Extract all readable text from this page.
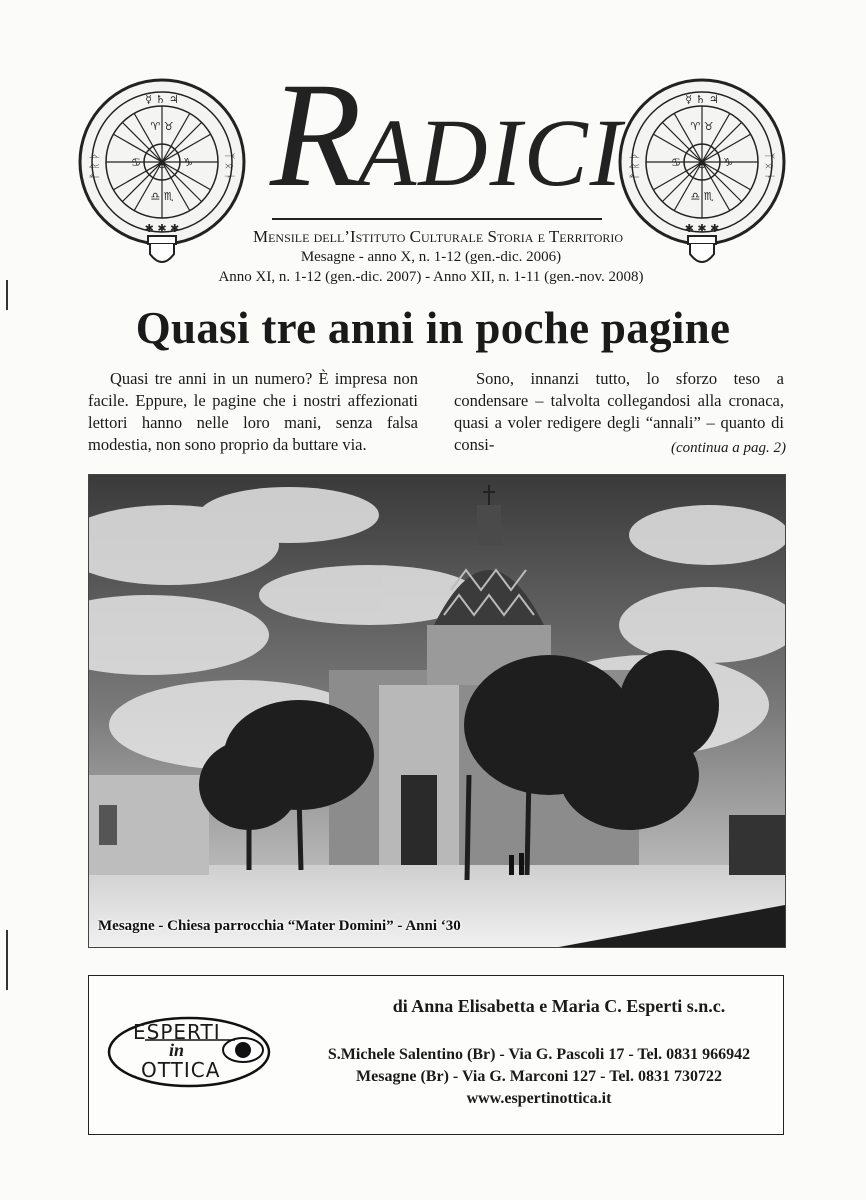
☿ ♄ ♃
✱ ✱ ✱
ᚠ ᚱ ᚦ	ᛉ ᛟ ᚾ
♈ ♉
♎ ♏
♋	♑
⊕
☿ ♄ ♃
✱ ✱ ✱
ᚠ ᚱ ᚦ	ᛉ ᛟ ᚾ
♈ ♉
♎ ♏
♋	♑
⊕
RADICI
Mensile dell’Istituto Culturale Storia e Territorio
Mesagne - anno X, n. 1-12 (gen.-dic. 2006)
Anno XI, n. 1-12 (gen.-dic. 2007) - Anno XII, n. 1-11 (gen.-nov. 2008)
Quasi tre anni in poche pagine

Quasi tre anni in un numero? È impresa non facile. Eppure, le pagine che i nostri affezionati lettori hanno nelle loro mani, senza falsa modestia, non sono proprio da buttare via.

Sono, innanzi tutto, lo sforzo teso a condensare – talvolta collegandosi alla cronaca, quasi a voler redigere degli “annali” – quanto di consi-	(continua a pag. 2)
Mesagne - Chiesa parrocchia “Mater Domini” - Anni ‘30
ESPERTI
in
OTTICA
di Anna Elisabetta e Maria C. Esperti s.n.c.
S.Michele Salentino (Br) - Via G. Pascoli 17 - Tel. 0831 966942
Mesagne (Br) - Via G. Marconi 127 - Tel. 0831 730722
www.espertinottica.it
